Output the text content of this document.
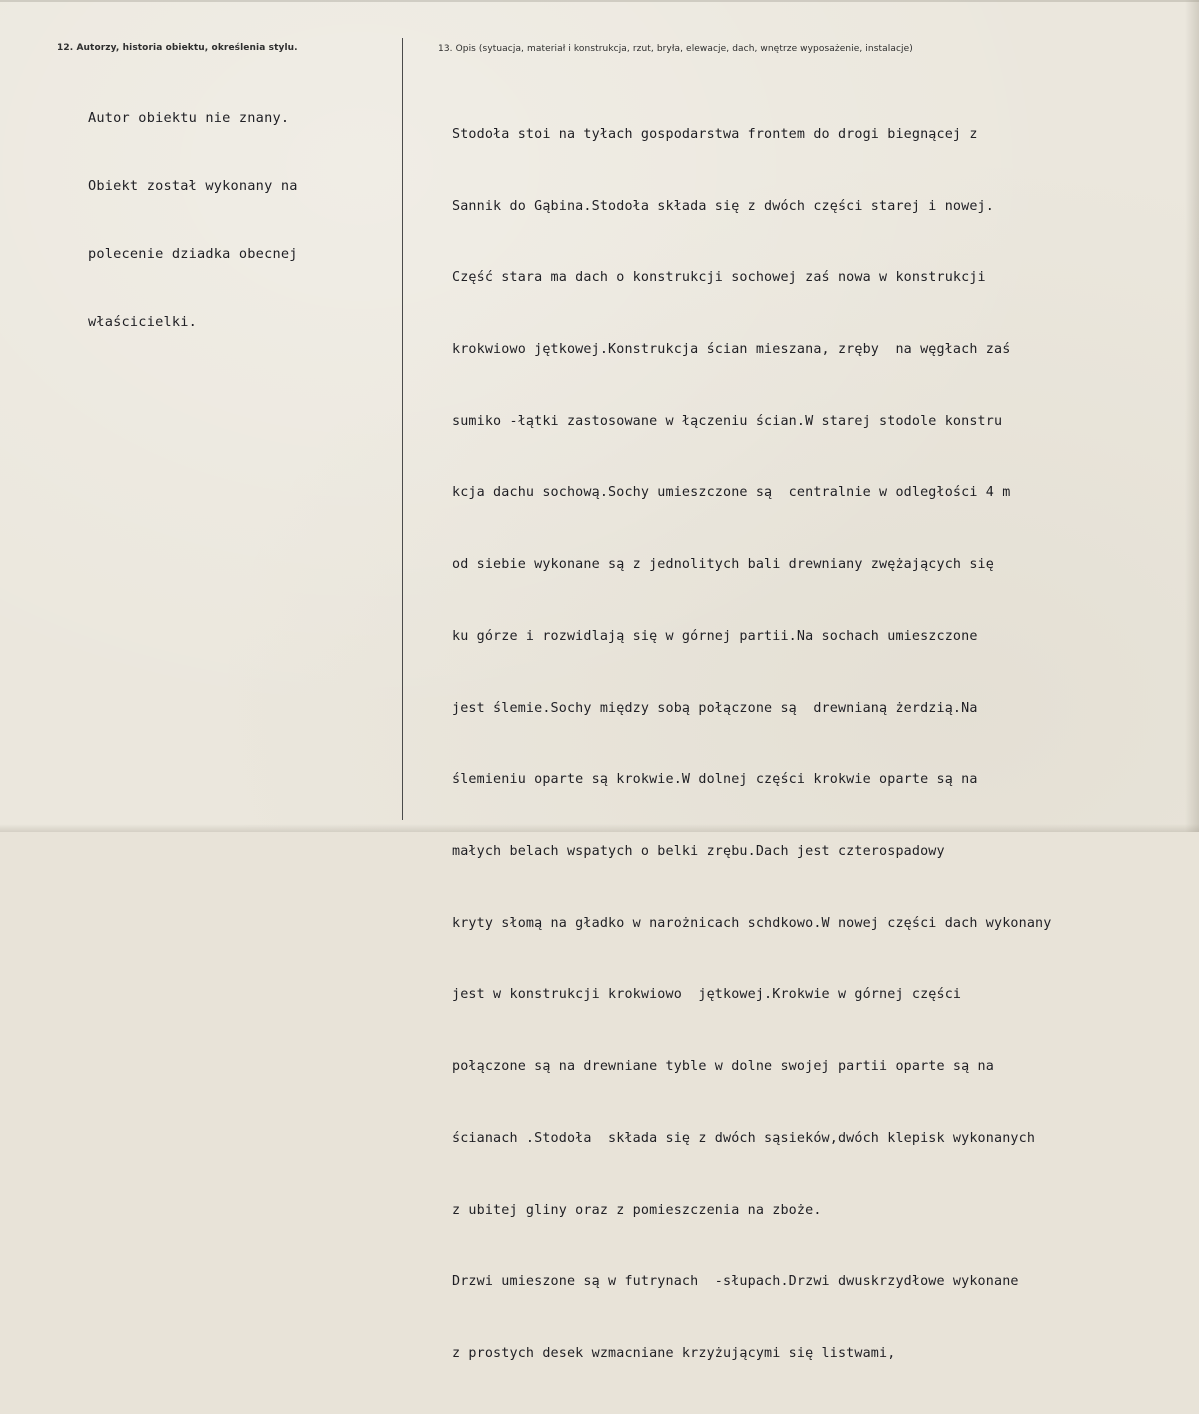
12. Autorzy, historia obiektu, określenia stylu.	13. Opis (sytuacja, materiał i konstrukcja, rzut, bryła, elewacje, dach, wnętrze wyposażenie, instalacje)

Autor obiektu nie znany.

Obiekt został wykonany na

polecenie dziadka obecnej

właścicielki.

Stodoła stoi na tyłach gospodarstwa frontem do drogi biegnącej z

Sannik do Gąbina.Stodoła składa się z dwóch części starej i nowej.

Część stara ma dach o konstrukcji sochowej zaś nowa w konstrukcji

krokwiowo jętkowej.Konstrukcja ścian mieszana, zręby  na węgłach zaś

sumiko -łątki zastosowane w łączeniu ścian.W starej stodole konstru

kcja dachu sochową.Sochy umieszczone są  centralnie w odległości 4 m

od siebie wykonane są z jednolitych bali drewniany zwężających się

ku górze i rozwidlają się w górnej partii.Na sochach umieszczone

jest ślemie.Sochy między sobą połączone są  drewnianą żerdzią.Na

ślemieniu oparte są krokwie.W dolnej części krokwie oparte są na

małych belach wspatych o belki zrębu.Dach jest czterospadowy

kryty słomą na gładko w narożnicach schdkowo.W nowej części dach wykonany

jest w konstrukcji krokwiowo  jętkowej.Krokwie w górnej części

połączone są na drewniane tyble w dolne swojej partii oparte są na

ścianach .Stodoła  składa się z dwóch sąsieków,dwóch klepisk wykonanych

z ubitej gliny oraz z pomieszczenia na zboże.

Drzwi umieszone są w futrynach  -słupach.Drzwi dwuskrzydłowe wykonane

z prostych desek wzmacniane krzyżującymi się listwami,
